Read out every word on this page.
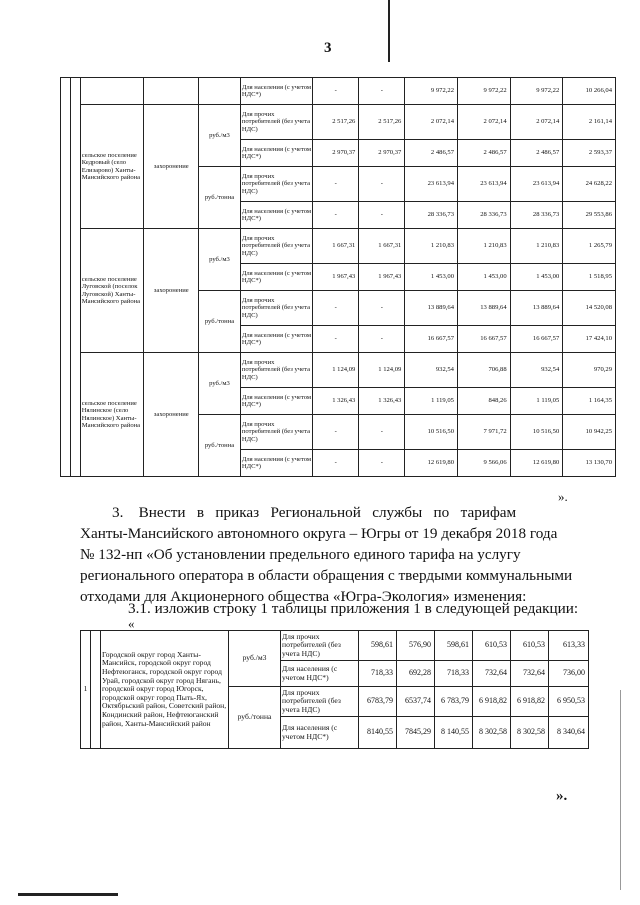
3
					Для населения (с учетом НДС*)	-	-	9 972,22	9 972,22	9 972,22	10 266,04
		сельское поселение Кедровый (село Елизарово) Ханты-Мансийского района	захоронение	руб./м3	Для прочих потребителей (без учета НДС)	2 517,26	2 517,26	2 072,14	2 072,14	2 072,14	2 161,14
					Для населения (с учетом НДС*)	2 970,37	2 970,37	2 486,57	2 486,57	2 486,57	2 593,37
				руб./тонна	Для прочих потребителей (без учета НДС)	-	-	23 613,94	23 613,94	23 613,94	24 628,22
					Для населения (с учетом НДС*)	-	-	28 336,73	28 336,73	28 336,73	29 553,86
		сельское поселение Луговской (поселок Луговской) Ханты-Мансийского района	захоронение	руб./м3	Для прочих потребителей (без учета НДС)	1 667,31	1 667,31	1 210,83	1 210,83	1 210,83	1 265,79
					Для населения (с учетом НДС*)	1 967,43	1 967,43	1 453,00	1 453,00	1 453,00	1 518,95
				руб./тонна	Для прочих потребителей (без учета НДС)	-	-	13 889,64	13 889,64	13 889,64	14 520,08
					Для населения (с учетом НДС*)	-	-	16 667,57	16 667,57	16 667,57	17 424,10
		сельское поселение Нялинское (село Нялинское) Ханты-Мансийского района	захоронение	руб./м3	Для прочих потребителей (без учета НДС)	1 124,09	1 124,09	932,54	706,88	932,54	970,29
					Для населения (с учетом НДС*)	1 326,43	1 326,43	1 119,05	848,26	1 119,05	1 164,35
				руб./тонна	Для прочих потребителей (без учета НДС)	-	-	10 516,50	7 971,72	10 516,50	10 942,25
					Для населения (с учетом НДС*)	-	-	12 619,80	9 566,06	12 619,80	13 130,70
».
3.    Внести   в   приказ   Региональной   службы   по   тарифам
Ханты-Мансийского автономного округа – Югры от 19 декабря 2018 года
№ 132-нп «Об установлении предельного единого тарифа на услугу
регионального оператора в области обращения с твердыми коммунальными
отходами для Акционерного общества «Югра-Экология» изменения:
3.1. изложив строку 1 таблицы приложения 1 в следующей редакции:
«
1		Городской округ город Ханты-Мансийск, городской округ город Нефтеюганск, городской округ город Урай, городской округ город Нягань, городской округ город Югорск, городской округ город Пыть-Ях, Октябрьский район, Советский район, Кондинский район, Нефтеюганский район, Ханты-Мансийский район	руб./м3	Для прочих потребителей (без учета НДС)	598,61	576,90	598,61	610,53	610,53	613,33
				Для населения (с учетом НДС*)	718,33	692,28	718,33	732,64	732,64	736,00
			руб./тонна	Для прочих потребителей (без учета НДС)	6783,79	6537,74	6 783,79	6 918,82	6 918,82	6 950,53
				Для населения (с учетом НДС*)	8140,55	7845,29	8 140,55	8 302,58	8 302,58	8 340,64
».
